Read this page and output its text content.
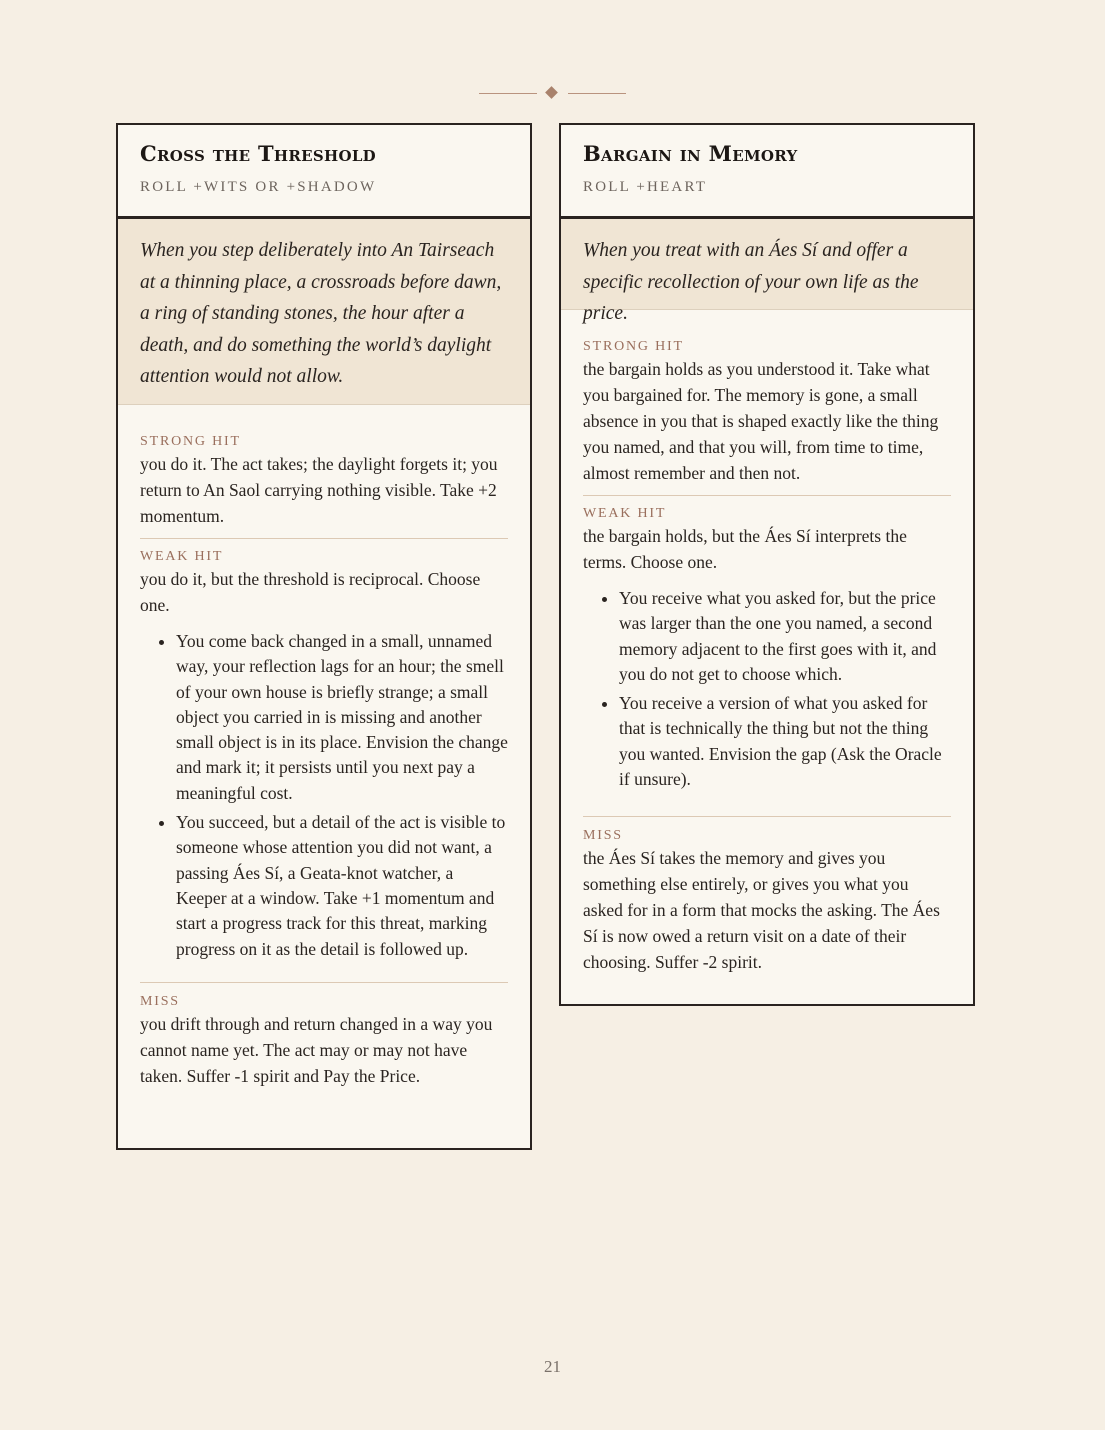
Cross the Threshold
ROLL +WITS OR +SHADOW
When you step deliberately into An Tairseach at a thinning place, a crossroads before dawn, a ring of standing stones, the hour after a death, and do something the world’s daylight attention would not allow.
STRONG HIT
you do it. The act takes; the daylight forgets it; you return to An Saol carrying nothing visible. Take +2 momentum.
WEAK HIT
you do it, but the threshold is reciprocal. Choose one.
• You come back changed in a small, unnamed way, your reflection lags for an hour; the smell of your own house is briefly strange; a small object you carried in is missing and another small object is in its place. Envision the change and mark it; it persists until you next pay a meaningful cost.
• You succeed, but a detail of the act is visible to someone whose attention you did not want, a passing Áes Sí, a Geata-knot watcher, a Keeper at a window. Take +1 momentum and start a progress track for this threat, marking progress on it as the detail is followed up.
MISS
you drift through and return changed in a way you cannot name yet. The act may or may not have taken. Suffer -1 spirit and Pay the Price.
Bargain in Memory
ROLL +HEART
When you treat with an Áes Sí and offer a specific recollection of your own life as the price.
STRONG HIT
the bargain holds as you understood it. Take what you bargained for. The memory is gone, a small absence in you that is shaped exactly like the thing you named, and that you will, from time to time, almost remember and then not.
WEAK HIT
the bargain holds, but the Áes Sí interprets the terms. Choose one.
• You receive what you asked for, but the price was larger than the one you named, a second memory adjacent to the first goes with it, and you do not get to choose which.
• You receive a version of what you asked for that is technically the thing but not the thing you wanted. Envision the gap (Ask the Oracle if unsure).
MISS
the Áes Sí takes the memory and gives you something else entirely, or gives you what you asked for in a form that mocks the asking. The Áes Sí is now owed a return visit on a date of their choosing. Suffer -2 spirit.
21
